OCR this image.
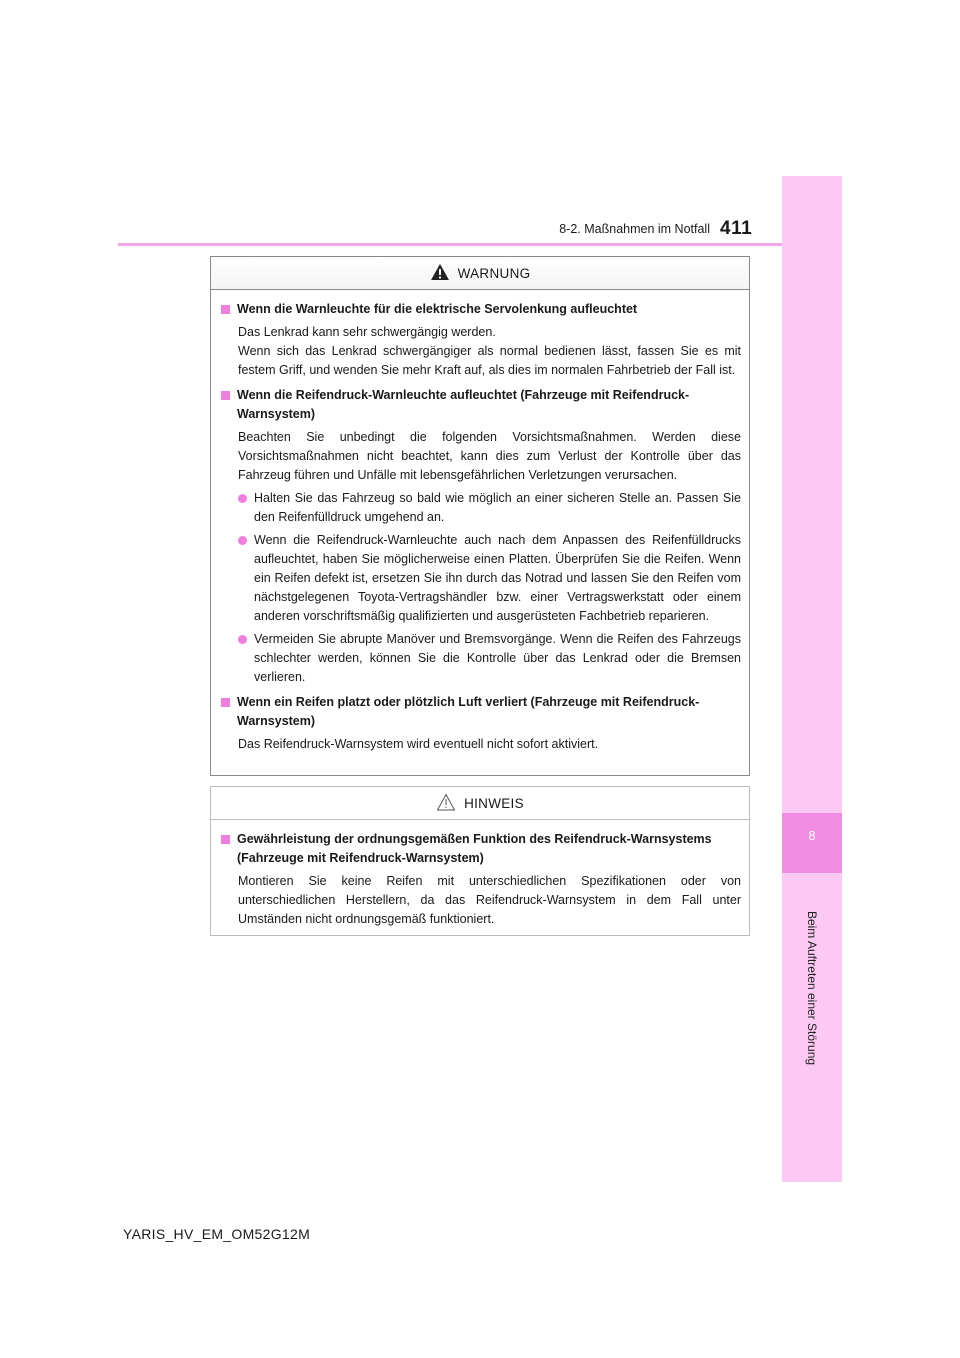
8-2. Maßnahmen im Notfall 411
8
Beim Auftreten einer Störung
WARNUNG
Wenn die Warnleuchte für die elektrische Servolenkung aufleuchtet

Das Lenkrad kann sehr schwergängig werden.

Wenn sich das Lenkrad schwergängiger als normal bedienen lässt, fassen Sie es mit festem Griff, und wenden Sie mehr Kraft auf, als dies im normalen Fahrbetrieb der Fall ist.

Wenn die Reifendruck-Warnleuchte aufleuchtet (Fahrzeuge mit Reifendruck-Warnsystem)

Beachten Sie unbedingt die folgenden Vorsichtsmaßnahmen. Werden diese Vorsichtsmaßnahmen nicht beachtet, kann dies zum Verlust der Kontrolle über das Fahrzeug führen und Unfälle mit lebensgefährlichen Verletzungen verursachen.

Halten Sie das Fahrzeug so bald wie möglich an einer sicheren Stelle an. Passen Sie den Reifenfülldruck umgehend an.
Wenn die Reifendruck-Warnleuchte auch nach dem Anpassen des Reifenfülldrucks aufleuchtet, haben Sie möglicherweise einen Platten. Überprüfen Sie die Reifen. Wenn ein Reifen defekt ist, ersetzen Sie ihn durch das Notrad und lassen Sie den Reifen vom nächstgelegenen Toyota-Vertragshändler bzw. einer Vertragswerkstatt oder einem anderen vorschriftsmäßig qualifizierten und ausgerüsteten Fachbetrieb reparieren.
Vermeiden Sie abrupte Manöver und Bremsvorgänge. Wenn die Reifen des Fahrzeugs schlechter werden, können Sie die Kontrolle über das Lenkrad oder die Bremsen verlieren.
Wenn ein Reifen platzt oder plötzlich Luft verliert (Fahrzeuge mit Reifendruck-Warnsystem)

Das Reifendruck-Warnsystem wird eventuell nicht sofort aktiviert.

HINWEIS
Gewährleistung der ordnungsgemäßen Funktion des Reifendruck-Warnsystems (Fahrzeuge mit Reifendruck-Warnsystem)

Montieren Sie keine Reifen mit unterschiedlichen Spezifikationen oder von unterschiedlichen Herstellern, da das Reifendruck-Warnsystem in dem Fall unter Umständen nicht ordnungsgemäß funktioniert.

YARIS_HV_EM_OM52G12M
